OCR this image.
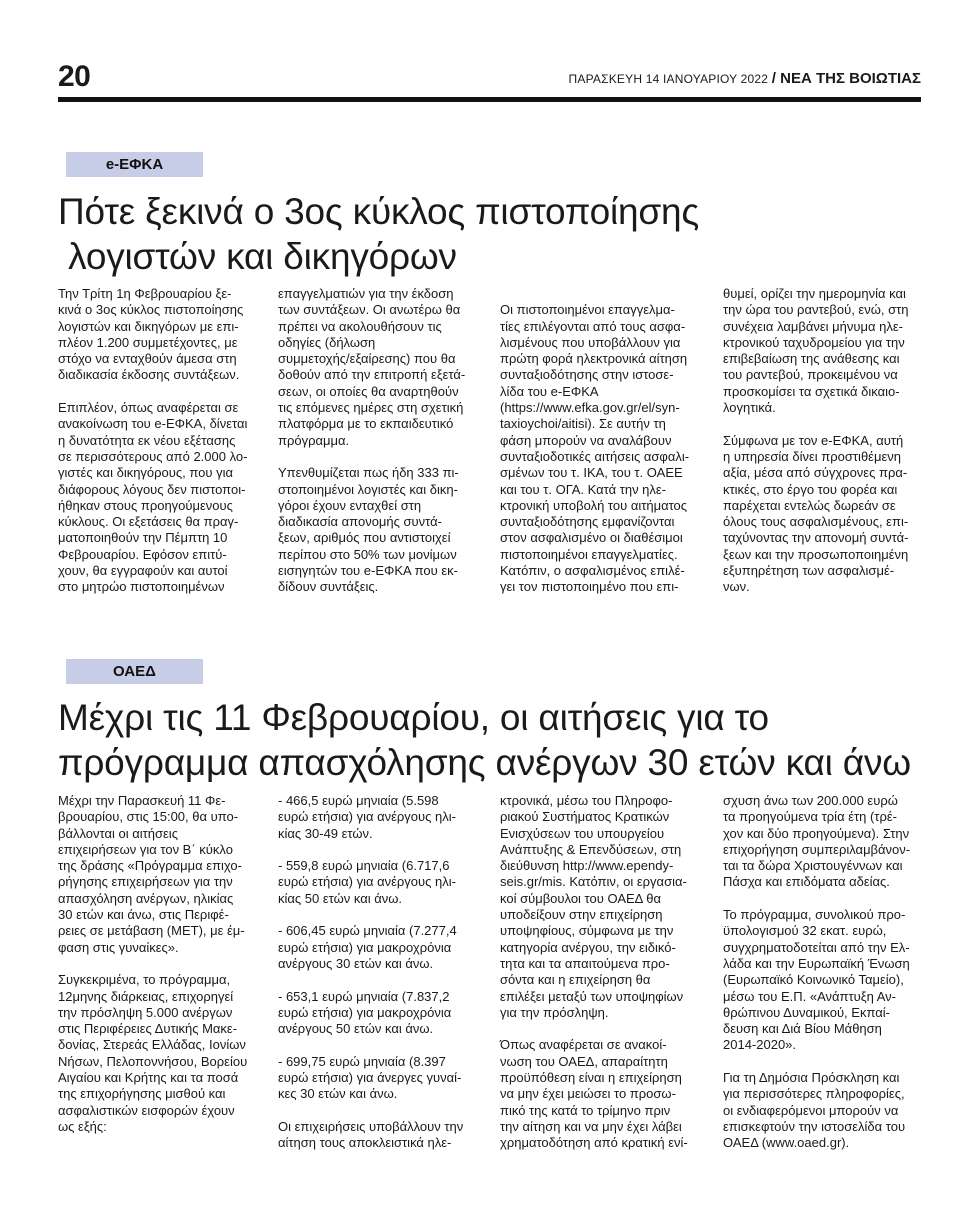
20	ΠΑΡΑΣΚΕΥΗ 14 ΙΑΝΟΥΑΡΙΟΥ 2022 / ΝΕΑ ΤΗΣ ΒΟΙΩΤΙΑΣ
e-ΕΦΚΑ
Πότε ξεκινά ο 3ος κύκλος πιστοποίησης
λογιστών και δικηγόρων
Την Τρίτη 1η Φεβρουαρίου ξε-
κινά ο 3ος κύκλος πιστοποίησης
λογιστών και δικηγόρων με επι-
πλέον 1.200 συμμετέχοντες, με
στόχο να ενταχθούν άμεσα στη
διαδικασία έκδοσης συντάξεων.
Επιπλέον, όπως αναφέρεται σε
ανακοίνωση του e-ΕΦΚΑ, δίνεται
η δυνατότητα εκ νέου εξέτασης
σε περισσότερους από 2.000 λο-
γιστές και δικηγόρους, που για
διάφορους λόγους δεν πιστοποι-
ήθηκαν στους προηγούμενους
κύκλους. Οι εξετάσεις θα πραγ-
ματοποιηθούν την Πέμπτη 10
Φεβρουαρίου. Εφόσον επιτύ-
χουν, θα εγγραφούν και αυτοί
στο μητρώο πιστοποιημένων
επαγγελματιών για την έκδοση
των συντάξεων. Οι ανωτέρω θα
πρέπει να ακολουθήσουν τις
οδηγίες (δήλωση
συμμετοχής/εξαίρεσης) που θα
δοθούν από την επιτροπή εξετά-
σεων, οι οποίες θα αναρτηθούν
τις επόμενες ημέρες στη σχετική
πλατφόρμα με το εκπαιδευτικό
πρόγραμμα.
Υπενθυμίζεται πως ήδη 333 πι-
στοποιημένοι λογιστές και δικη-
γόροι έχουν ενταχθεί στη
διαδικασία απονομής συντά-
ξεων, αριθμός που αντιστοιχεί
περίπου στο 50% των μονίμων
εισηγητών του e-ΕΦΚΑ που εκ-
δίδουν συντάξεις.
Οι πιστοποιημένοι επαγγελμα-
τίες επιλέγονται από τους ασφα-
λισμένους που υποβάλλουν για
πρώτη φορά ηλεκτρονικά αίτηση
συνταξιοδότησης στην ιστοσε-
λίδα του e-ΕΦΚΑ
(https://www.efka.gov.gr/el/syn-
taxioychoi/aitisi). Σε αυτήν τη
φάση μπορούν να αναλάβουν
συνταξιοδοτικές αιτήσεις ασφαλι-
σμένων του τ. ΙΚΑ, του τ. ΟΑΕΕ
και του τ. ΟΓΑ. Κατά την ηλε-
κτρονική υποβολή του αιτήματος
συνταξιοδότησης εμφανίζονται
στον ασφαλισμένο οι διαθέσιμοι
πιστοποιημένοι επαγγελματίες.
Κατόπιν, ο ασφαλισμένος επιλέ-
γει τον πιστοποιημένο που επι-
θυμεί, ορίζει την ημερομηνία και
την ώρα του ραντεβού, ενώ, στη
συνέχεια λαμβάνει μήνυμα ηλε-
κτρονικού ταχυδρομείου για την
επιβεβαίωση της ανάθεσης και
του ραντεβού, προκειμένου να
προσκομίσει τα σχετικά δικαιο-
λογητικά.
Σύμφωνα με τον e-ΕΦΚΑ, αυτή
η υπηρεσία δίνει προστιθέμενη
αξία, μέσα από σύγχρονες πρα-
κτικές, στο έργο του φορέα και
παρέχεται εντελώς δωρεάν σε
όλους τους ασφαλισμένους, επι-
ταχύνοντας την απονομή συντά-
ξεων και την προσωποποιημένη
εξυπηρέτηση των ασφαλισμέ-
νων.
ΟΑΕΔ
Μέχρι τις 11 Φεβρουαρίου, οι αιτήσεις για το
πρόγραμμα απασχόλησης ανέργων 30 ετών και άνω
Μέχρι την Παρασκευή 11 Φε-
βρουαρίου, στις 15:00, θα υπο-
βάλλονται οι αιτήσεις
επιχειρήσεων για τον Β΄ κύκλο
της δράσης «Πρόγραμμα επιχο-
ρήγησης επιχειρήσεων για την
απασχόληση ανέργων, ηλικίας
30 ετών και άνω, στις Περιφέ-
ρειες σε μετάβαση (ΜΕΤ), με έμ-
φαση στις γυναίκες».
Συγκεκριμένα, το πρόγραμμα,
12μηνης διάρκειας, επιχορηγεί
την πρόσληψη 5.000 ανέργων
στις Περιφέρειες Δυτικής Μακε-
δονίας, Στερεάς Ελλάδας, Ιονίων
Νήσων, Πελοποννήσου, Βορείου
Αιγαίου και Κρήτης και τα ποσά
της επιχορήγησης μισθού και
ασφαλιστικών εισφορών έχουν
ως εξής:
- 466,5 ευρώ μηνιαία (5.598
ευρώ ετήσια) για ανέργους ηλι-
κίας 30-49 ετών.
- 559,8 ευρώ μηνιαία (6.717,6
ευρώ ετήσια) για ανέργους ηλι-
κίας 50 ετών και άνω.
- 606,45 ευρώ μηνιαία (7.277,4
ευρώ ετήσια) για μακροχρόνια
ανέργους 30 ετών και άνω.
- 653,1 ευρώ μηνιαία (7.837,2
ευρώ ετήσια) για μακροχρόνια
ανέργους 50 ετών και άνω.
- 699,75 ευρώ μηνιαία (8.397
ευρώ ετήσια) για άνεργες γυναί-
κες 30 ετών και άνω.
Οι επιχειρήσεις υποβάλλουν την
αίτηση τους αποκλειστικά ηλε-
κτρονικά, μέσω του Πληροφο-
ριακού Συστήματος Κρατικών
Ενισχύσεων του υπουργείου
Ανάπτυξης & Επενδύσεων, στη
διεύθυνση http://www.ependy-
seis.gr/mis. Κατόπιν, οι εργασια-
κοί σύμβουλοι του ΟΑΕΔ θα
υποδείξουν στην επιχείρηση
υποψηφίους, σύμφωνα με την
κατηγορία ανέργου, την ειδικό-
τητα και τα απαιτούμενα προ-
σόντα και η επιχείρηση θα
επιλέξει μεταξύ των υποψηφίων
για την πρόσληψη.
Όπως αναφέρεται σε ανακοί-
νωση του ΟΑΕΔ, απαραίτητη
προϋπόθεση είναι η επιχείρηση
να μην έχει μειώσει το προσω-
πικό της κατά το τρίμηνο πριν
την αίτηση και να μην έχει λάβει
χρηματοδότηση από κρατική ενί-
σχυση άνω των 200.000 ευρώ
τα προηγούμενα τρία έτη (τρέ-
χον και δύο προηγούμενα). Στην
επιχορήγηση συμπεριλαμβάνον-
ται τα δώρα Χριστουγέννων και
Πάσχα και επιδόματα αδείας.
Το πρόγραμμα, συνολικού προ-
ϋπολογισμού 32 εκατ. ευρώ,
συγχρηματοδοτείται από την Ελ-
λάδα και την Ευρωπαϊκή Ένωση
(Ευρωπαϊκό Κοινωνικό Ταμείο),
μέσω του Ε.Π. «Ανάπτυξη Αν-
θρώπινου Δυναμικού, Εκπαί-
δευση και Διά Βίου Μάθηση
2014-2020».
Για τη Δημόσια Πρόσκληση και
για περισσότερες πληροφορίες,
οι ενδιαφερόμενοι μπορούν να
επισκεφτούν την ιστοσελίδα του
ΟΑΕΔ (www.oaed.gr).
